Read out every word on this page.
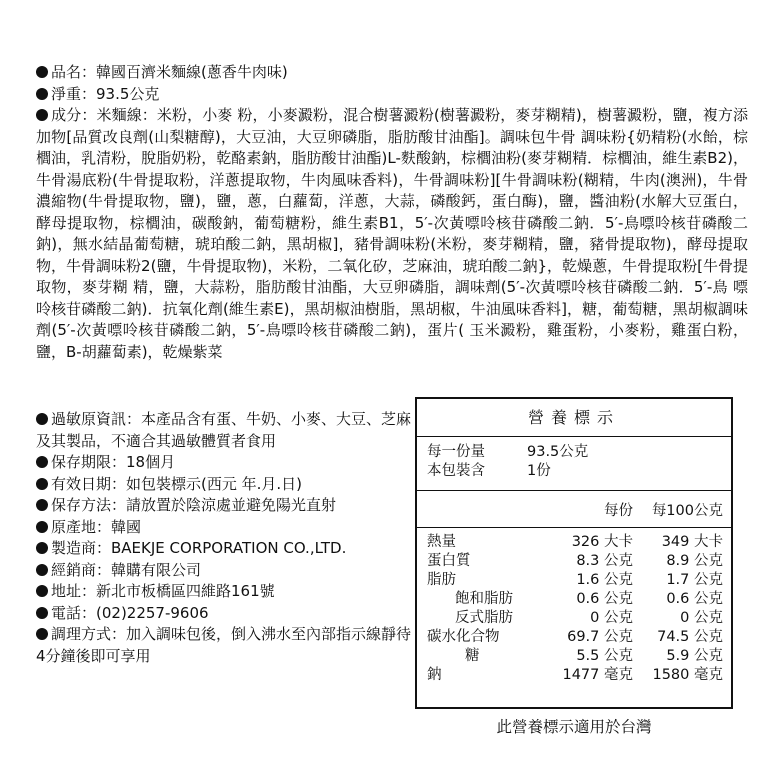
品名：韓國百濟米麵線(蔥香牛肉味)

淨重：93.5公克

成分：米麵線：米粉，小麥 粉，小麥澱粉，混合樹薯澱粉(樹薯澱粉，麥芽糊精)，樹薯澱粉，鹽，複方添加物[品質改良劑(山梨糖醇)，大豆油，大豆卵磷脂，脂肪酸甘油酯]。調味包牛骨 調味粉{奶精粉(水飴，棕櫚油，乳清粉，脫脂奶粉，乾酪素鈉，脂肪酸甘油酯)L-麩酸鈉，棕櫚油粉(麥芽糊精．棕櫚油，維生素B2)，牛骨湯底粉(牛骨提取粉，洋蔥提取物，牛肉風味香料)，牛骨調味粉][牛骨調味粉(糊精，牛肉(澳洲)，牛骨濃縮物(牛骨提取物，鹽)，鹽，蔥，白蘿蔔，洋蔥，大蒜，磷酸鈣，蛋白酶)，鹽，醬油粉(水解大豆蛋白，酵母提取物，棕櫚油，碳酸鈉，葡萄糖粉，維生素B1，5′-次黃嘌呤核苷磷酸二鈉．5′-鳥嘌呤核苷磷酸二鈉)，無水結晶葡萄糖，琥珀酸二鈉，黑胡椒]，豬骨調味粉(米粉，麥芽糊精，鹽，豬骨提取物)，酵母提取物，牛骨調味粉2(鹽，牛骨提取物)，米粉，二氧化矽，芝麻油，琥珀酸二鈉}，乾燥蔥，牛骨提取粉[牛骨提取物，麥芽糊 精，鹽，大蒜粉，脂肪酸甘油酯，大豆卵磷脂，調味劑(5′-次黃嘌呤核苷磷酸二鈉．5′-鳥 嘌呤核苷磷酸二鈉)．抗氧化劑(維生素E)，黑胡椒油樹脂，黑胡椒，牛油風味香料]，糖，葡萄糖，黑胡椒調味劑(5′-次黃嘌呤核苷磷酸二鈉，5′-鳥嘌呤核苷磷酸二鈉)，蛋片( 玉米澱粉，雞蛋粉，小麥粉，雞蛋白粉，鹽，B-胡蘿蔔素)，乾燥紫菜

過敏原資訊：本產品含有蛋、牛奶、小麥、大豆、芝麻及其製品，不適合其過敏體質者食用

保存期限：18個月

有效日期：如包裝標示(西元 年.月.日)

保存方法：請放置於陰涼處並避免陽光直射

原產地：韓國

製造商：BAEKJE CORPORATION CO.,LTD.

經銷商：韓購有限公司

地址：新北市板橋區四維路161號

電話：(02)2257-9606

調理方式：加入調味包後，倒入沸水至內部指示線靜待4分鐘後即可享用

營養標示
每一份量	93.5公克
本包裝含	1份
每份	每100公克
熱量	326 大卡	349 大卡
蛋白質	8.3 公克	8.9 公克
脂肪	1.6 公克	1.7 公克
飽和脂肪	0.6 公克	0.6 公克
反式脂肪	0 公克	0 公克
碳水化合物	69.7 公克	74.5 公克
糖	5.5 公克	5.9 公克
鈉	1477 毫克	1580 毫克
此營養標示適用於台灣
